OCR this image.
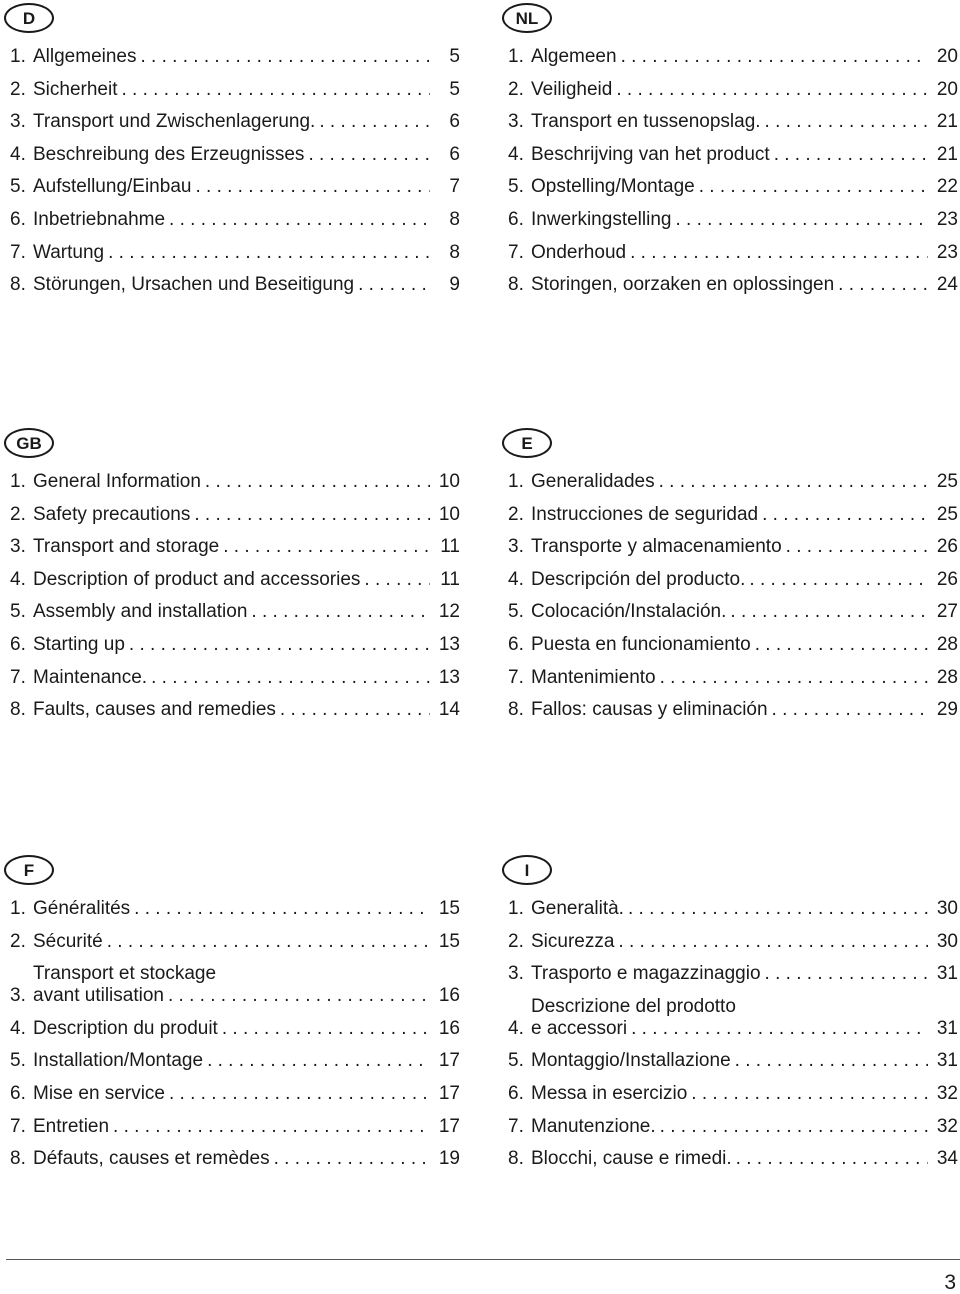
D
1. Allgemeines . . .	5
2. Sicherheit . . .	5
3. Transport und Zwischenlagerung. . . .	6
4. Beschreibung des Erzeugnisses . . .	6
5. Aufstellung/Einbau . . .	7
6. Inbetriebnahme . . .	8
7. Wartung . . .	8
8. Störungen, Ursachen und Beseitigung . . .	9
NL
1. Algemeen . . .	20
2. Veiligheid . . .	20
3. Transport en tussenopslag. . . .	21
4. Beschrijving van het product . . .	21
5. Opstelling/Montage . . .	22
6. Inwerkingstelling . . .	23
7. Onderhoud . . .	23
8. Storingen, oorzaken en oplossingen . . .	24
GB
1. General Information . . .	10
2. Safety precautions . . .	10
3. Transport and storage . . .	11
4. Description of product and accessories . . .	11
5. Assembly and installation . . .	12
6. Starting up . . .	13
7. Maintenance. . . .	13
8. Faults, causes and remedies . . .	14
E
1. Generalidades . . .	25
2. Instrucciones de seguridad . . .	25
3. Transporte y almacenamiento . . .	26
4. Descripción del producto. . . .	26
5. Colocación/Instalación. . . .	27
6. Puesta en funcionamiento . . .	28
7. Mantenimiento . . .	28
8. Fallos: causas y eliminación . . .	29
F
1. Généralités . . .	15
2. Sécurité . . .	15
3.
Transport et stockage
avant utilisation . . .	16
4. Description du produit . . .	16
5. Installation/Montage . . .	17
6. Mise en service . . .	17
7. Entretien . . .	17
8. Défauts, causes et remèdes . . .	19
I
1. Generalità. . . .	30
2. Sicurezza . . .	30
3. Trasporto e magazzinaggio . . .	31
4.
Descrizione del prodotto
e accessori . . .	31
5. Montaggio/Installazione . . .	31
6. Messa in esercizio . . .	32
7. Manutenzione. . . .	32
8. Blocchi, cause e rimedi. . . .	34
3
